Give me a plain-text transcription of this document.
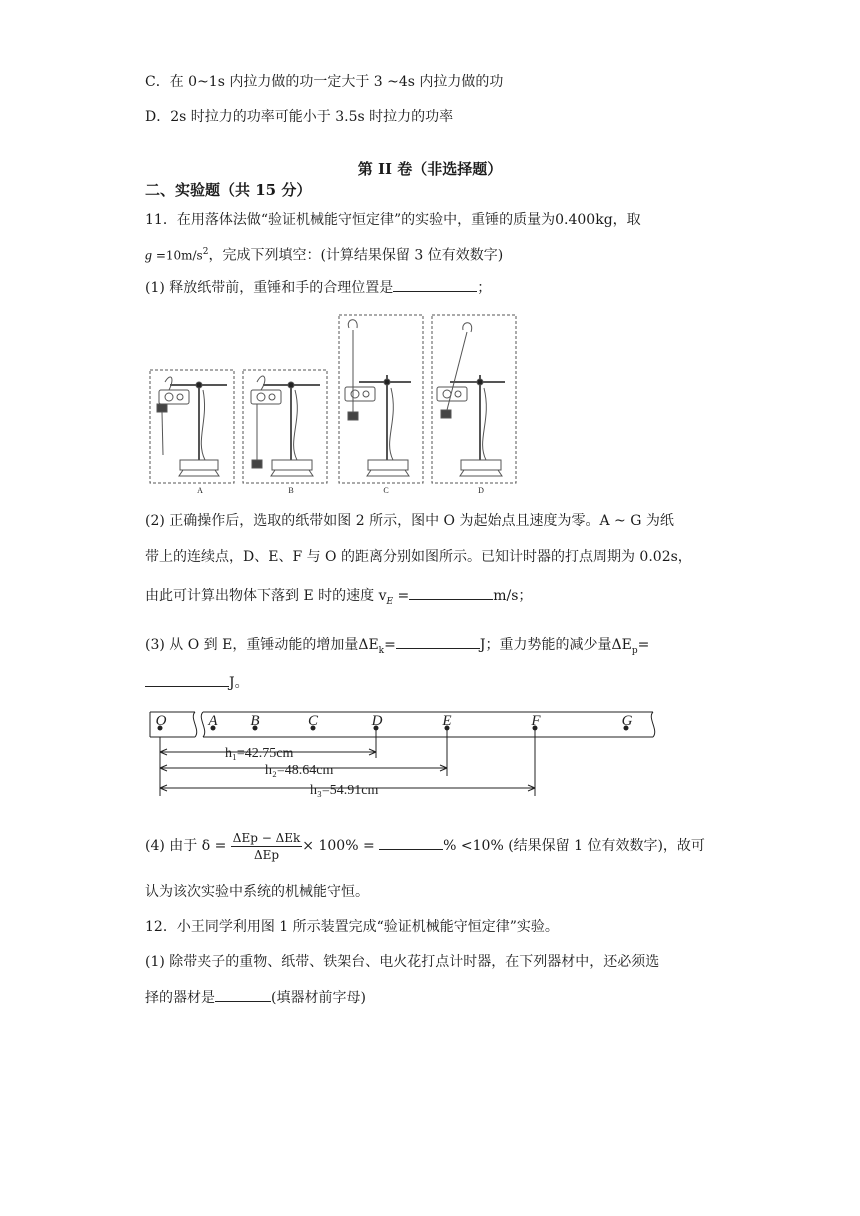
C．在 0~1s 内拉力做的功一定大于 3 ~4s 内拉力做的功
D．2s 时拉力的功率可能小于 3.5s 时拉力的功率
第 II 卷（非选择题）
二、实验题（共 15 分）
11．在用落体法做“验证机械能守恒定律”的实验中，重锤的质量为0.400kg，取
$g =10m/s^2$，完成下列填空：(计算结果保留 3 位有效数字)
(1) 释放纸带前，重锤和手的合理位置是	；
A	B	C	D
(2) 正确操作后，选取的纸带如图 2 所示，图中 O 为起始点且速度为零。A ~ G 为纸
带上的连续点，D、E、F 与 O 的距离分别如图所示。已知计时器的打点周期为 0.02s，
由此可计算出物体下落到 E 时的速度 $v_E$ =	m/s；
(3) 从 O 到 E，重锤动能的增加量$\Delta E_k=$	J；重力势能的减少量$\Delta E_p=$
J。
O	A B	C	D	E	F	G
h₁=42.75cm
h₂=48.64cm
h₃=54.91cm
(4) 由于 $\delta = \frac{\text{ΔEp − ΔEk}}{\text{ΔEp}} \times 100\%$ =	% <10% (结果保留 1 位有效数字)，故可
认为该次实验中系统的机械能守恒。
12．小王同学利用图 1 所示装置完成“验证机械能守恒定律”实验。
(1) 除带夹子的重物、纸带、铁架台、电火花打点计时器，在下列器材中，还必须选
择的器材是	(填器材前字母)
